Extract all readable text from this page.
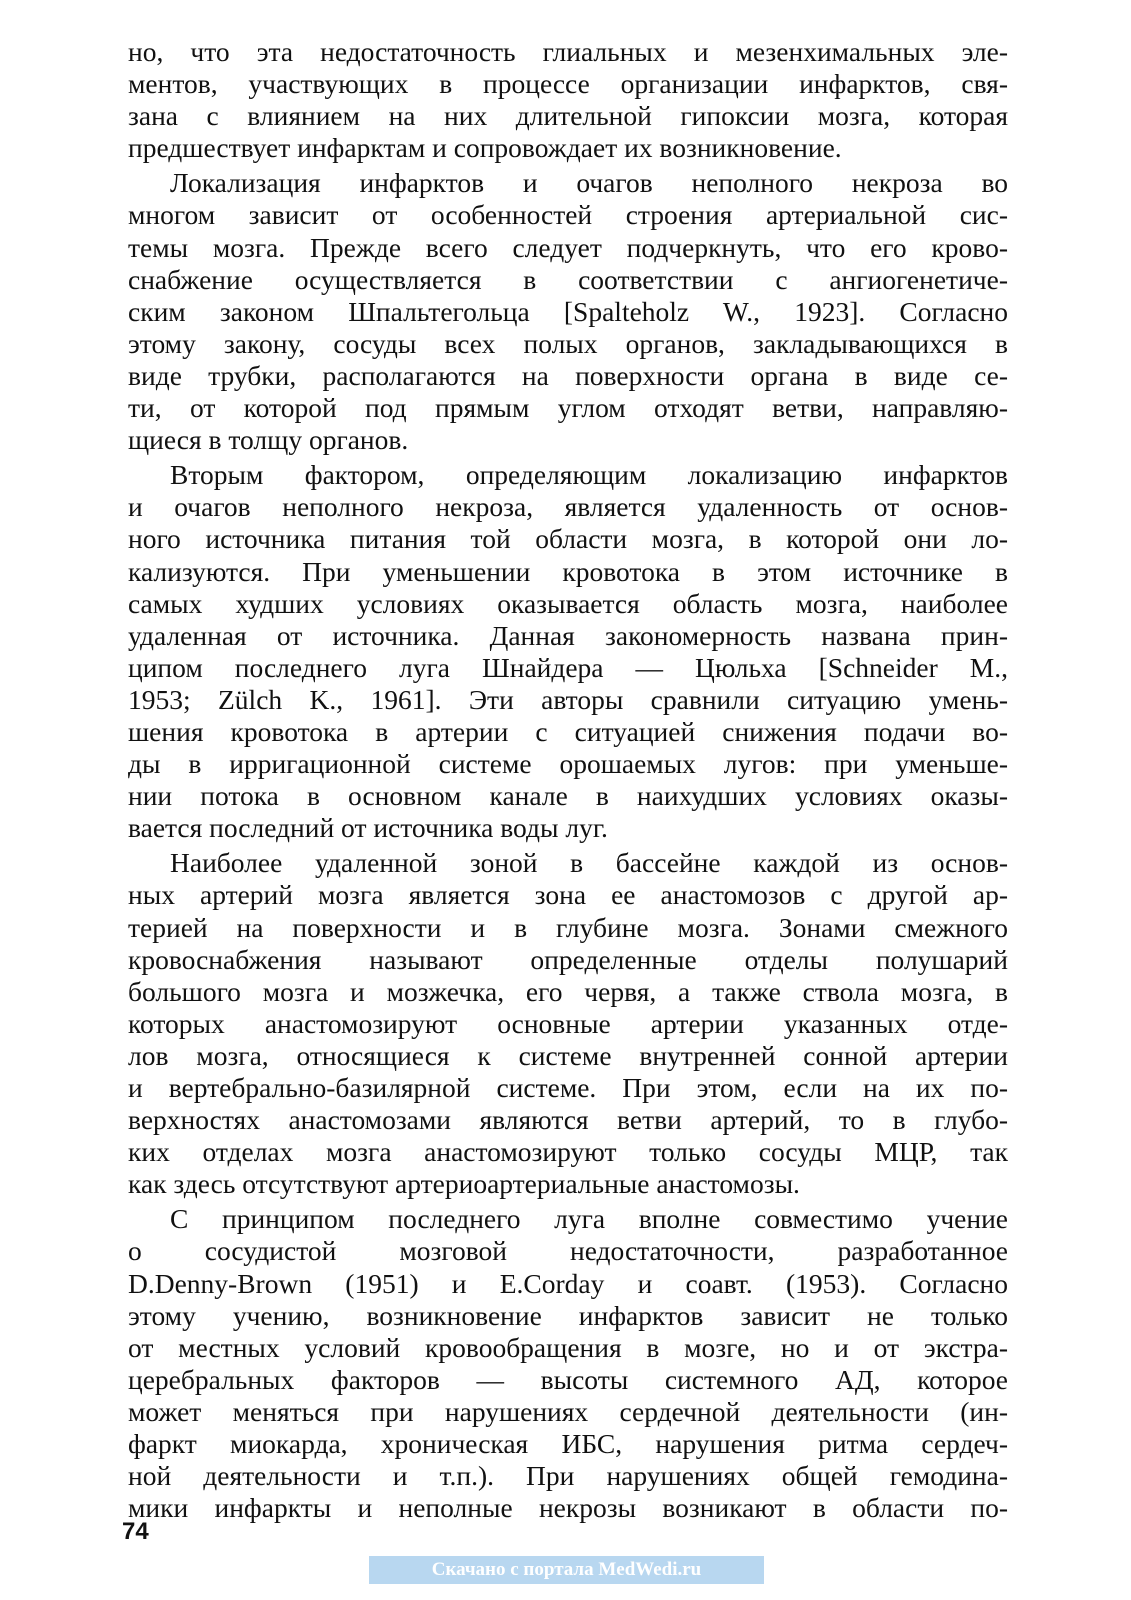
но, что эта недостаточность глиальных и мезенхимальных эле-
ментов, участвующих в процессе организации инфарктов, свя-
зана с влиянием на них длительной гипоксии мозга, которая
предшествует инфарктам и сопровождает их возникновение.
Локализация инфарктов и очагов неполного некроза во
многом зависит от особенностей строения артериальной сис-
темы мозга. Прежде всего следует подчеркнуть, что его крово-
снабжение осуществляется в соответствии с ангиогенетиче-
ским законом Шпальтегольца [Spalteholz W., 1923]. Согласно
этому закону, сосуды всех полых органов, закладывающихся в
виде трубки, располагаются на поверхности органа в виде се-
ти, от которой под прямым углом отходят ветви, направляю-
щиеся в толщу органов.
Вторым фактором, определяющим локализацию инфарктов
и очагов неполного некроза, является удаленность от основ-
ного источника питания той области мозга, в которой они ло-
кализуются. При уменьшении кровотока в этом источнике в
самых худших условиях оказывается область мозга, наиболее
удаленная от источника. Данная закономерность названа прин-
ципом последнего луга Шнайдера — Цюльха [Schneider M.,
1953; Zülch K., 1961]. Эти авторы сравнили ситуацию умень-
шения кровотока в артерии с ситуацией снижения подачи во-
ды в ирригационной системе орошаемых лугов: при уменьше-
нии потока в основном канале в наихудших условиях оказы-
вается последний от источника воды луг.
Наиболее удаленной зоной в бассейне каждой из основ-
ных артерий мозга является зона ее анастомозов с другой ар-
терией на поверхности и в глубине мозга. Зонами смежного
кровоснабжения называют определенные отделы полушарий
большого мозга и мозжечка, его червя, а также ствола мозга, в
которых анастомозируют основные артерии указанных отде-
лов мозга, относящиеся к системе внутренней сонной артерии
и вертебрально-базилярной системе. При этом, если на их по-
верхностях анастомозами являются ветви артерий, то в глубо-
ких отделах мозга анастомозируют только сосуды МЦР, так
как здесь отсутствуют артериоартериальные анастомозы.
С принципом последнего луга вполне совместимо учение
о сосудистой мозговой недостаточности, разработанное
D.Denny-Brown (1951) и E.Corday и соавт. (1953). Согласно
этому учению, возникновение инфарктов зависит не только
от местных условий кровообращения в мозге, но и от экстра-
церебральных факторов — высоты системного АД, которое
может меняться при нарушениях сердечной деятельности (ин-
фаркт миокарда, хроническая ИБС, нарушения ритма сердеч-
ной деятельности и т.п.). При нарушениях общей гемодина-
мики инфаркты и неполные некрозы возникают в области по-
74
Скачано с портала MedWedi.ru
